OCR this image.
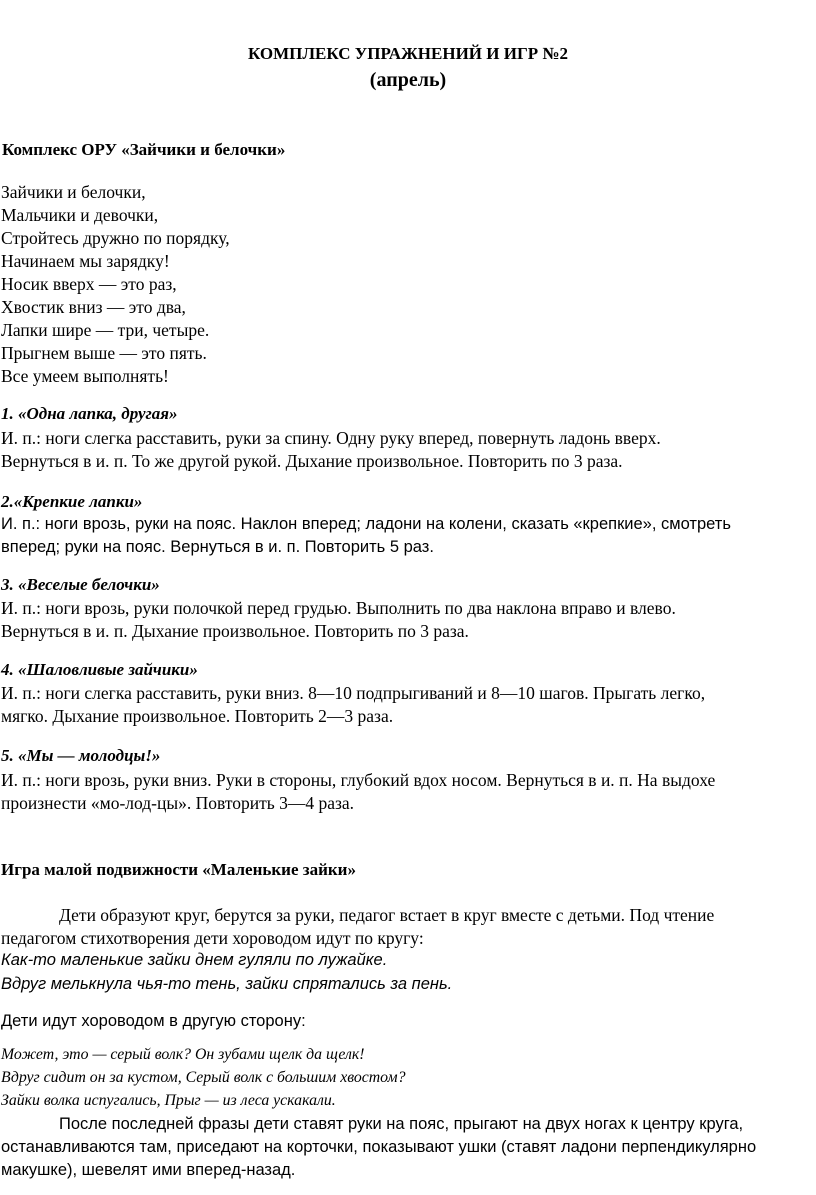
КОМПЛЕКС УПРАЖНЕНИЙ И ИГР №2
(апрель)
Комплекс ОРУ «Зайчики и белочки»
Зайчики и белочки,
Мальчики и девочки,
Стройтесь дружно по порядку,
Начинаем мы зарядку!
Носик вверх — это раз,
Хвостик вниз — это два,
Лапки шире — три, четыре.
Прыгнем выше — это пять.
Все умеем выполнять!
1. «Одна лапка, другая»
И. п.: ноги слегка расставить, руки за спину. Одну руку вперед, повернуть ладонь вверх.
Вернуться в и. п. То же другой рукой. Дыхание произвольное. Повторить по 3 раза.
2.«Крепкие лапки»
И. п.: ноги врозь, руки на пояс. Наклон вперед; ладони на колени, сказать «крепкие», смотреть
вперед; руки на пояс. Вернуться в и. п. Повторить 5 раз.
3. «Веселые белочки»
И. п.: ноги врозь, руки полочкой перед грудью. Выполнить по два наклона вправо и влево.
Вернуться в и. п. Дыхание произвольное. Повторить по 3 раза.
4. «Шаловливые зайчики»
И. п.: ноги слегка расставить, руки вниз. 8—10 подпрыгиваний и 8—10 шагов. Прыгать легко,
мягко. Дыхание произвольное. Повторить 2—3 раза.
5. «Мы — молодцы!»
И. п.: ноги врозь, руки вниз. Руки в стороны, глубокий вдох носом. Вернуться в и. п. На выдохе
произнести «мо-лод-цы». Повторить 3—4 раза.
Игра малой подвижности «Маленькие зайки»
Дети образуют круг, берутся за руки, педагог встает в круг вместе с детьми. Под чтение
педагогом стихотворения дети хороводом идут по кругу:
Как-то маленькие зайки днем гуляли по лужайке.
Вдруг мелькнула чья-то тень, зайки спрятались за пень.
Дети идут хороводом в другую сторону:
Может, это — серый волк? Он зубами щелк да щелк!
Вдруг сидит он за кустом, Серый волк с большим хвостом?
Зайки волка испугались, Прыг — из леса ускакали.
После последней фразы дети ставят руки на пояс, прыгают на двух ногах к центру круга,
останавливаются там, приседают на корточки, показывают ушки (ставят ладони перпендикулярно
макушке), шевелят ими вперед-назад.
